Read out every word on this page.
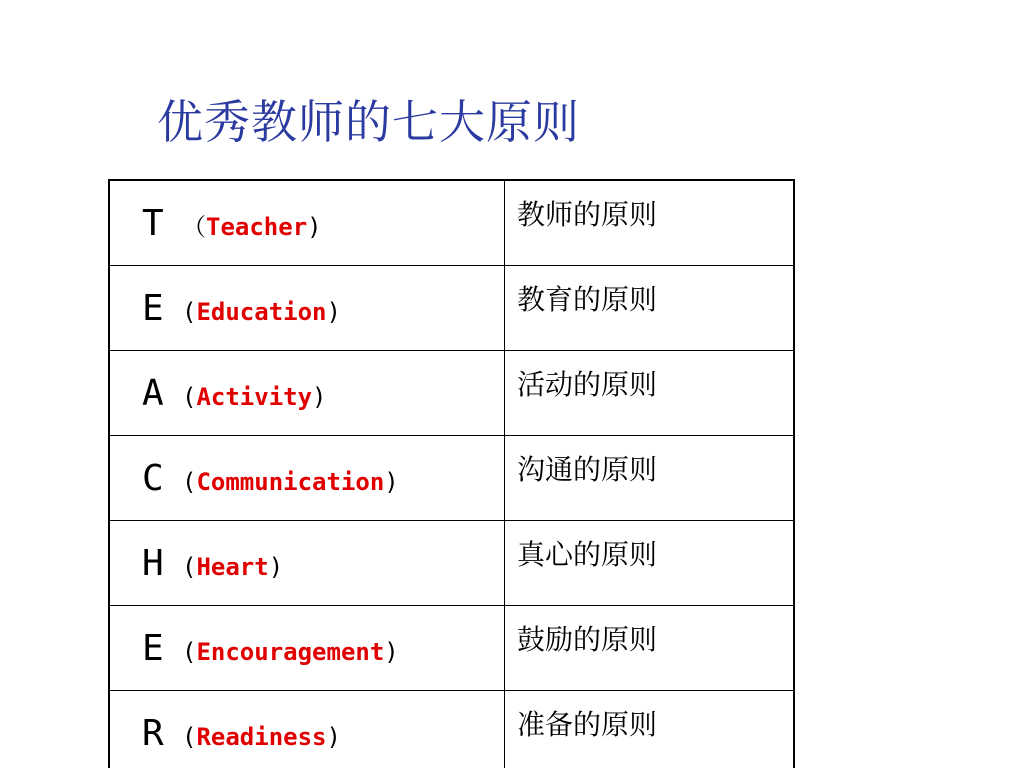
优秀教师的七大原则
T （Teacher)	教师的原则
E (Education)	教育的原则
A (Activity)	活动的原则
C (Communication)	沟通的原则
H (Heart)	真心的原则
E (Encouragement)	鼓励的原则
R (Readiness)	准备的原则
